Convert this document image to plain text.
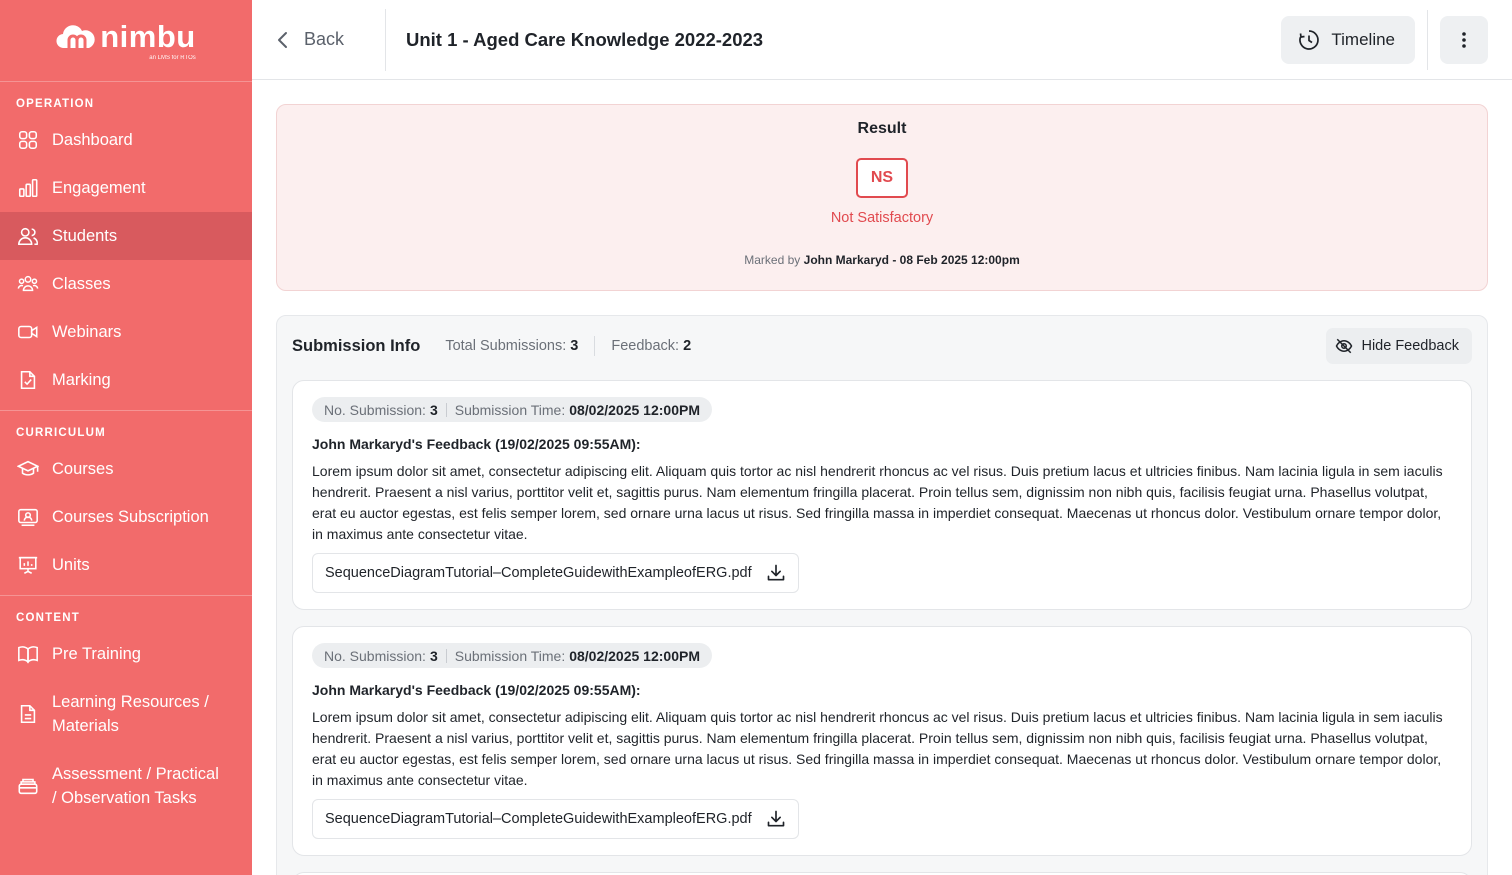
nimbu
an LMS for RTOs
OPERATION
Dashboard
Engagement
Students
Classes
Webinars
Marking
CURRICULUM
Courses
Courses Subscription
Units
CONTENT
Pre Training
Learning Resources / Materials
Assessment / Practical / Observation Tasks
Back	Unit 1 - Aged Care Knowledge 2022-2023	Timeline
Result
NS
Not Satisfactory
Marked by John Markaryd - 08 Feb 2025 12:00pm
Submission Info Total Submissions: 3 Feedback: 2	Hide Feedback
No. Submission: 3 Submission Time: 08/02/2025 12:00PM
John Markaryd's Feedback (19/02/2025 09:55AM):
Lorem ipsum dolor sit amet, consectetur adipiscing elit. Aliquam quis tortor ac nisl hendrerit rhoncus ac vel risus. Duis pretium lacus et ultricies finibus. Nam lacinia ligula in sem iaculis hendrerit. Praesent a nisl varius, porttitor velit et, sagittis purus. Nam elementum fringilla placerat. Proin tellus sem, dignissim non nibh quis, facilisis feugiat urna. Phasellus volutpat, erat eu auctor egestas, est felis semper lorem, sed ornare urna lacus ut risus. Sed fringilla massa in imperdiet consequat. Maecenas ut rhoncus dolor. Vestibulum ornare tempor dolor, in maximus ante consectetur vitae.
SequenceDiagramTutorial–CompleteGuidewithExampleofERG.pdf
No. Submission: 3 Submission Time: 08/02/2025 12:00PM
John Markaryd's Feedback (19/02/2025 09:55AM):
Lorem ipsum dolor sit amet, consectetur adipiscing elit. Aliquam quis tortor ac nisl hendrerit rhoncus ac vel risus. Duis pretium lacus et ultricies finibus. Nam lacinia ligula in sem iaculis hendrerit. Praesent a nisl varius, porttitor velit et, sagittis purus. Nam elementum fringilla placerat. Proin tellus sem, dignissim non nibh quis, facilisis feugiat urna. Phasellus volutpat, erat eu auctor egestas, est felis semper lorem, sed ornare urna lacus ut risus. Sed fringilla massa in imperdiet consequat. Maecenas ut rhoncus dolor. Vestibulum ornare tempor dolor, in maximus ante consectetur vitae.
SequenceDiagramTutorial–CompleteGuidewithExampleofERG.pdf
